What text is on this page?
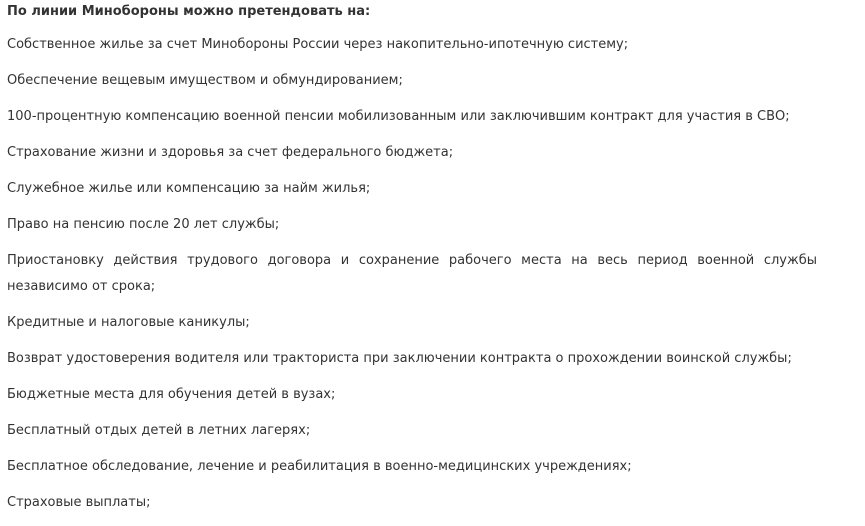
По линии Минобороны можно претендовать на:

Собственное жилье за счет Минобороны России через накопительно-ипотечную систему;
Обеспечение вещевым имуществом и обмундированием;
100-процентную компенсацию военной пенсии мобилизованным или заключившим контракт для участия в СВО;
Страхование жизни и здоровья за счет федерального бюджета;
Служебное жилье или компенсацию за найм жилья;
Право на пенсию после 20 лет службы;
Приостановку действия трудового договора и сохранение рабочего места на весь период военной службы независимо от срока;
Кредитные и налоговые каникулы;
Возврат удостоверения водителя или тракториста при заключении контракта о прохождении воинской службы;
Бюджетные места для обучения детей в вузах;
Бесплатный отдых детей в летних лагерях;
Бесплатное обследование, лечение и реабилитация в военно-медицинских учреждениях;
Страховые выплаты;
